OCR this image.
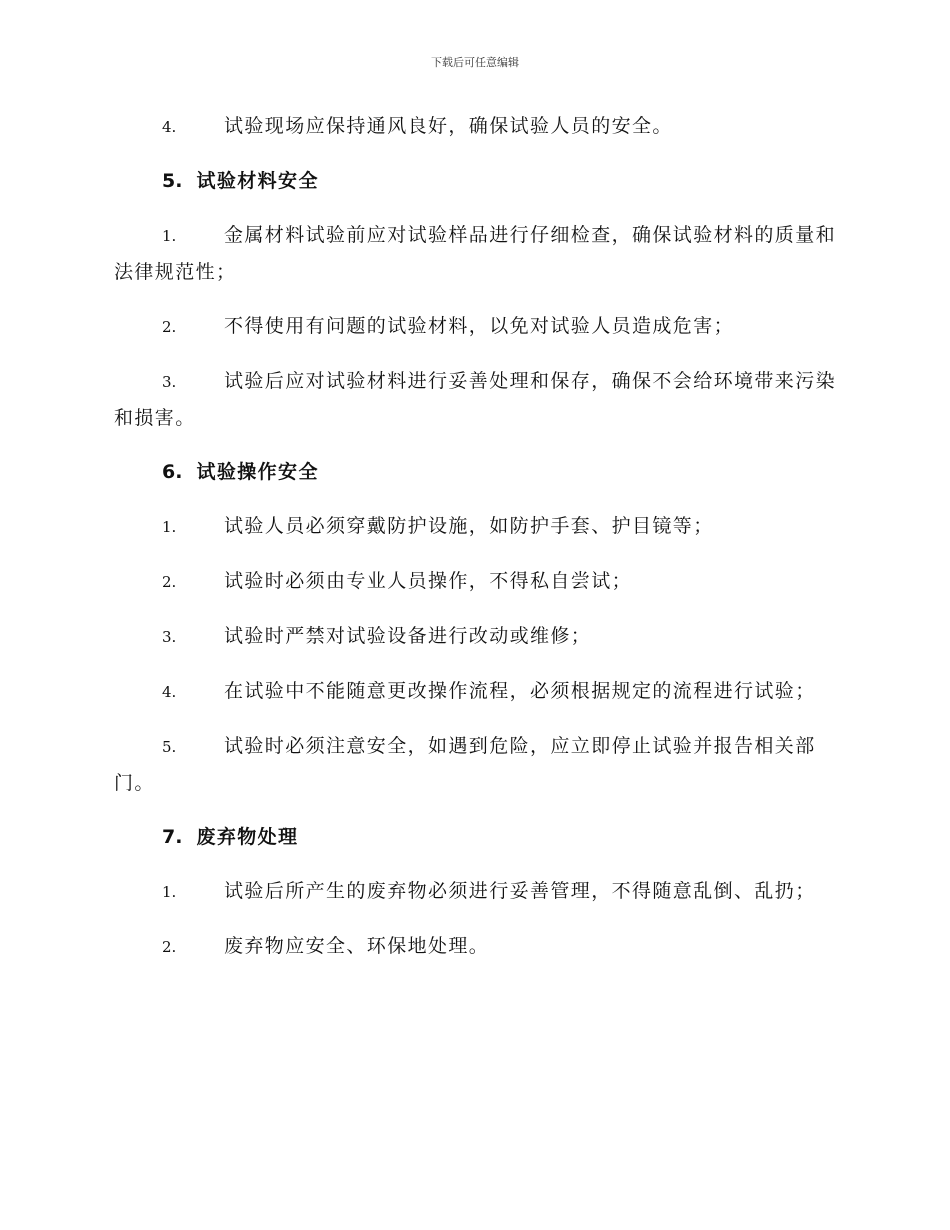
下载后可任意编辑

4.	试验现场应保持通风良好，确保试验人员的安全。

5. 试验材料安全

1.	金属材料试验前应对试验样品进行仔细检查，确保试验材料的质量和法律规范性；

2.	不得使用有问题的试验材料，以免对试验人员造成危害；

3.	试验后应对试验材料进行妥善处理和保存，确保不会给环境带来污染和损害。

6. 试验操作安全

1.	试验人员必须穿戴防护设施，如防护手套、护目镜等；

2.	试验时必须由专业人员操作，不得私自尝试；

3.	试验时严禁对试验设备进行改动或维修；

4.	在试验中不能随意更改操作流程，必须根据规定的流程进行试验；

5.	试验时必须注意安全，如遇到危险，应立即停止试验并报告相关部门。

7. 废弃物处理

1.	试验后所产生的废弃物必须进行妥善管理，不得随意乱倒、乱扔；

2.	废弃物应安全、环保地处理。
